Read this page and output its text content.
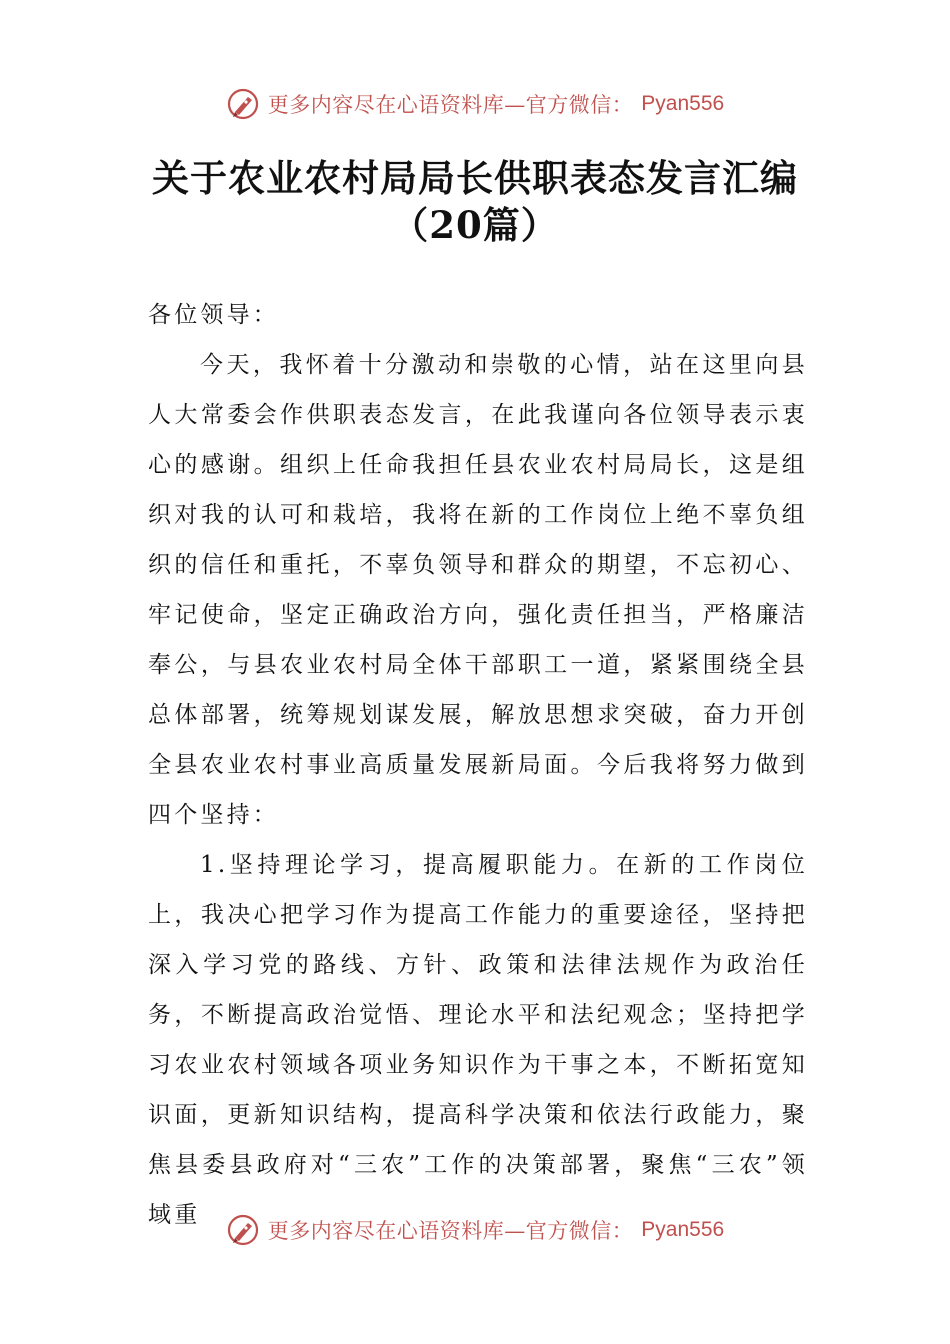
更多内容尽在心语资料库—官方微信： Pyan556
关于农业农村局局长供职表态发言汇编
（20篇）

各位领导：

今天，我怀着十分激动和崇敬的心情，站在这里向县人大常委会作供职表态发言，在此我谨向各位领导表示衷心的感谢。组织上任命我担任县农业农村局局长，这是组织对我的认可和栽培，我将在新的工作岗位上绝不辜负组织的信任和重托，不辜负领导和群众的期望，不忘初心、牢记使命，坚定正确政治方向，强化责任担当，严格廉洁奉公，与县农业农村局全体干部职工一道，紧紧围绕全县总体部署，统筹规划谋发展，解放思想求突破，奋力开创全县农业农村事业高质量发展新局面。今后我将努力做到四个坚持：

1.坚持理论学习，提高履职能力。在新的工作岗位上，我决心把学习作为提高工作能力的重要途径，坚持把深入学习党的路线、方针、政策和法律法规作为政治任务，不断提高政治觉悟、理论水平和法纪观念；坚持把学习农业农村领域各项业务知识作为干事之本，不断拓宽知识面，更新知识结构，提高科学决策和依法行政能力，聚焦县委县政府对“三农”工作的决策部署，聚焦“三农”领域重

更多内容尽在心语资料库—官方微信： Pyan556
